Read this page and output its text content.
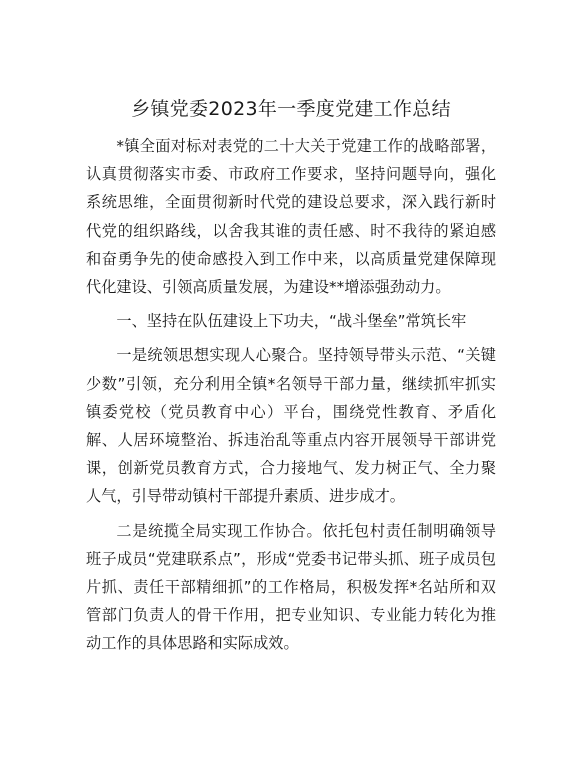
乡镇党委2023年一季度党建工作总结

*镇全面对标对表党的二十大关于党建工作的战略部署，认真贯彻落实市委、市政府工作要求，坚持问题导向，强化系统思维，全面贯彻新时代党的建设总要求，深入践行新时代党的组织路线，以舍我其谁的责任感、时不我待的紧迫感和奋勇争先的使命感投入到工作中来，以高质量党建保障现代化建设、引领高质量发展，为建设**增添强劲动力。

一、坚持在队伍建设上下功夫，“战斗堡垒”常筑长牢

一是统领思想实现人心聚合。坚持领导带头示范、“关键少数”引领，充分利用全镇*名领导干部力量，继续抓牢抓实镇委党校（党员教育中心）平台，围绕党性教育、矛盾化解、人居环境整治、拆违治乱等重点内容开展领导干部讲党课，创新党员教育方式，合力接地气、发力树正气、全力聚人气，引导带动镇村干部提升素质、进步成才。

二是统揽全局实现工作协合。依托包村责任制明确领导班子成员“党建联系点”，形成“党委书记带头抓、班子成员包片抓、责任干部精细抓”的工作格局，积极发挥*名站所和双管部门负责人的骨干作用，把专业知识、专业能力转化为推动工作的具体思路和实际成效。
